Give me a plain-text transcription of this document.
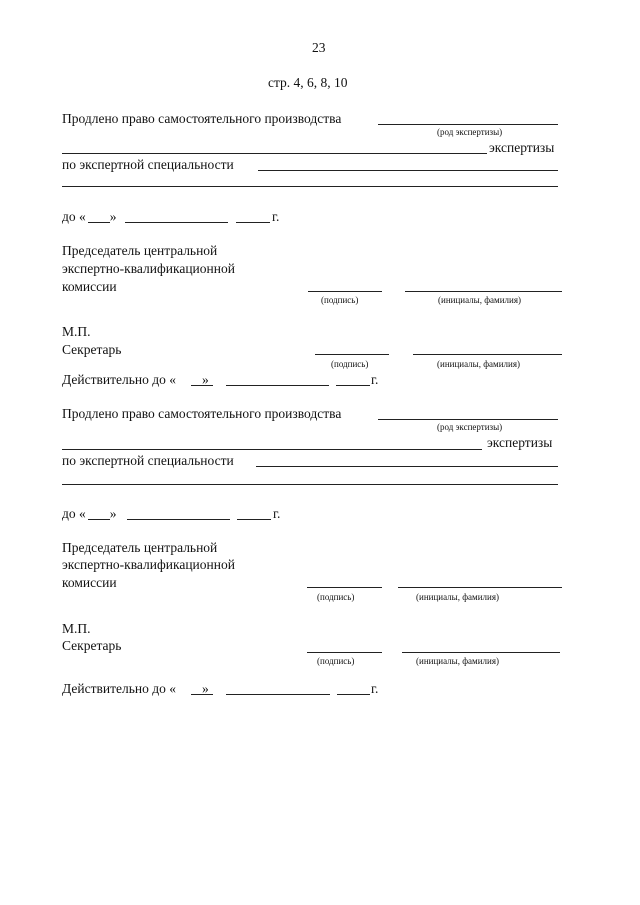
23
стр. 4, 6, 8, 10
Продлено право самостоятельного производства
(род экспертизы)
экспертизы
по экспертной специальности
до « »	г.
Председатель центральной
экспертно-квалификационной
комиссии
(подпись)	(инициалы, фамилия)
М.П.
Секретарь
(подпись)	(инициалы, фамилия)
Действительно до « »	г.
Продлено право самостоятельного производства
(род экспертизы)
экспертизы
по экспертной специальности
до « »	г.
Председатель центральной
экспертно-квалификационной
комиссии
(подпись)	(инициалы, фамилия)
М.П.
Секретарь
(подпись)	(инициалы, фамилия)
Действительно до « »	г.
